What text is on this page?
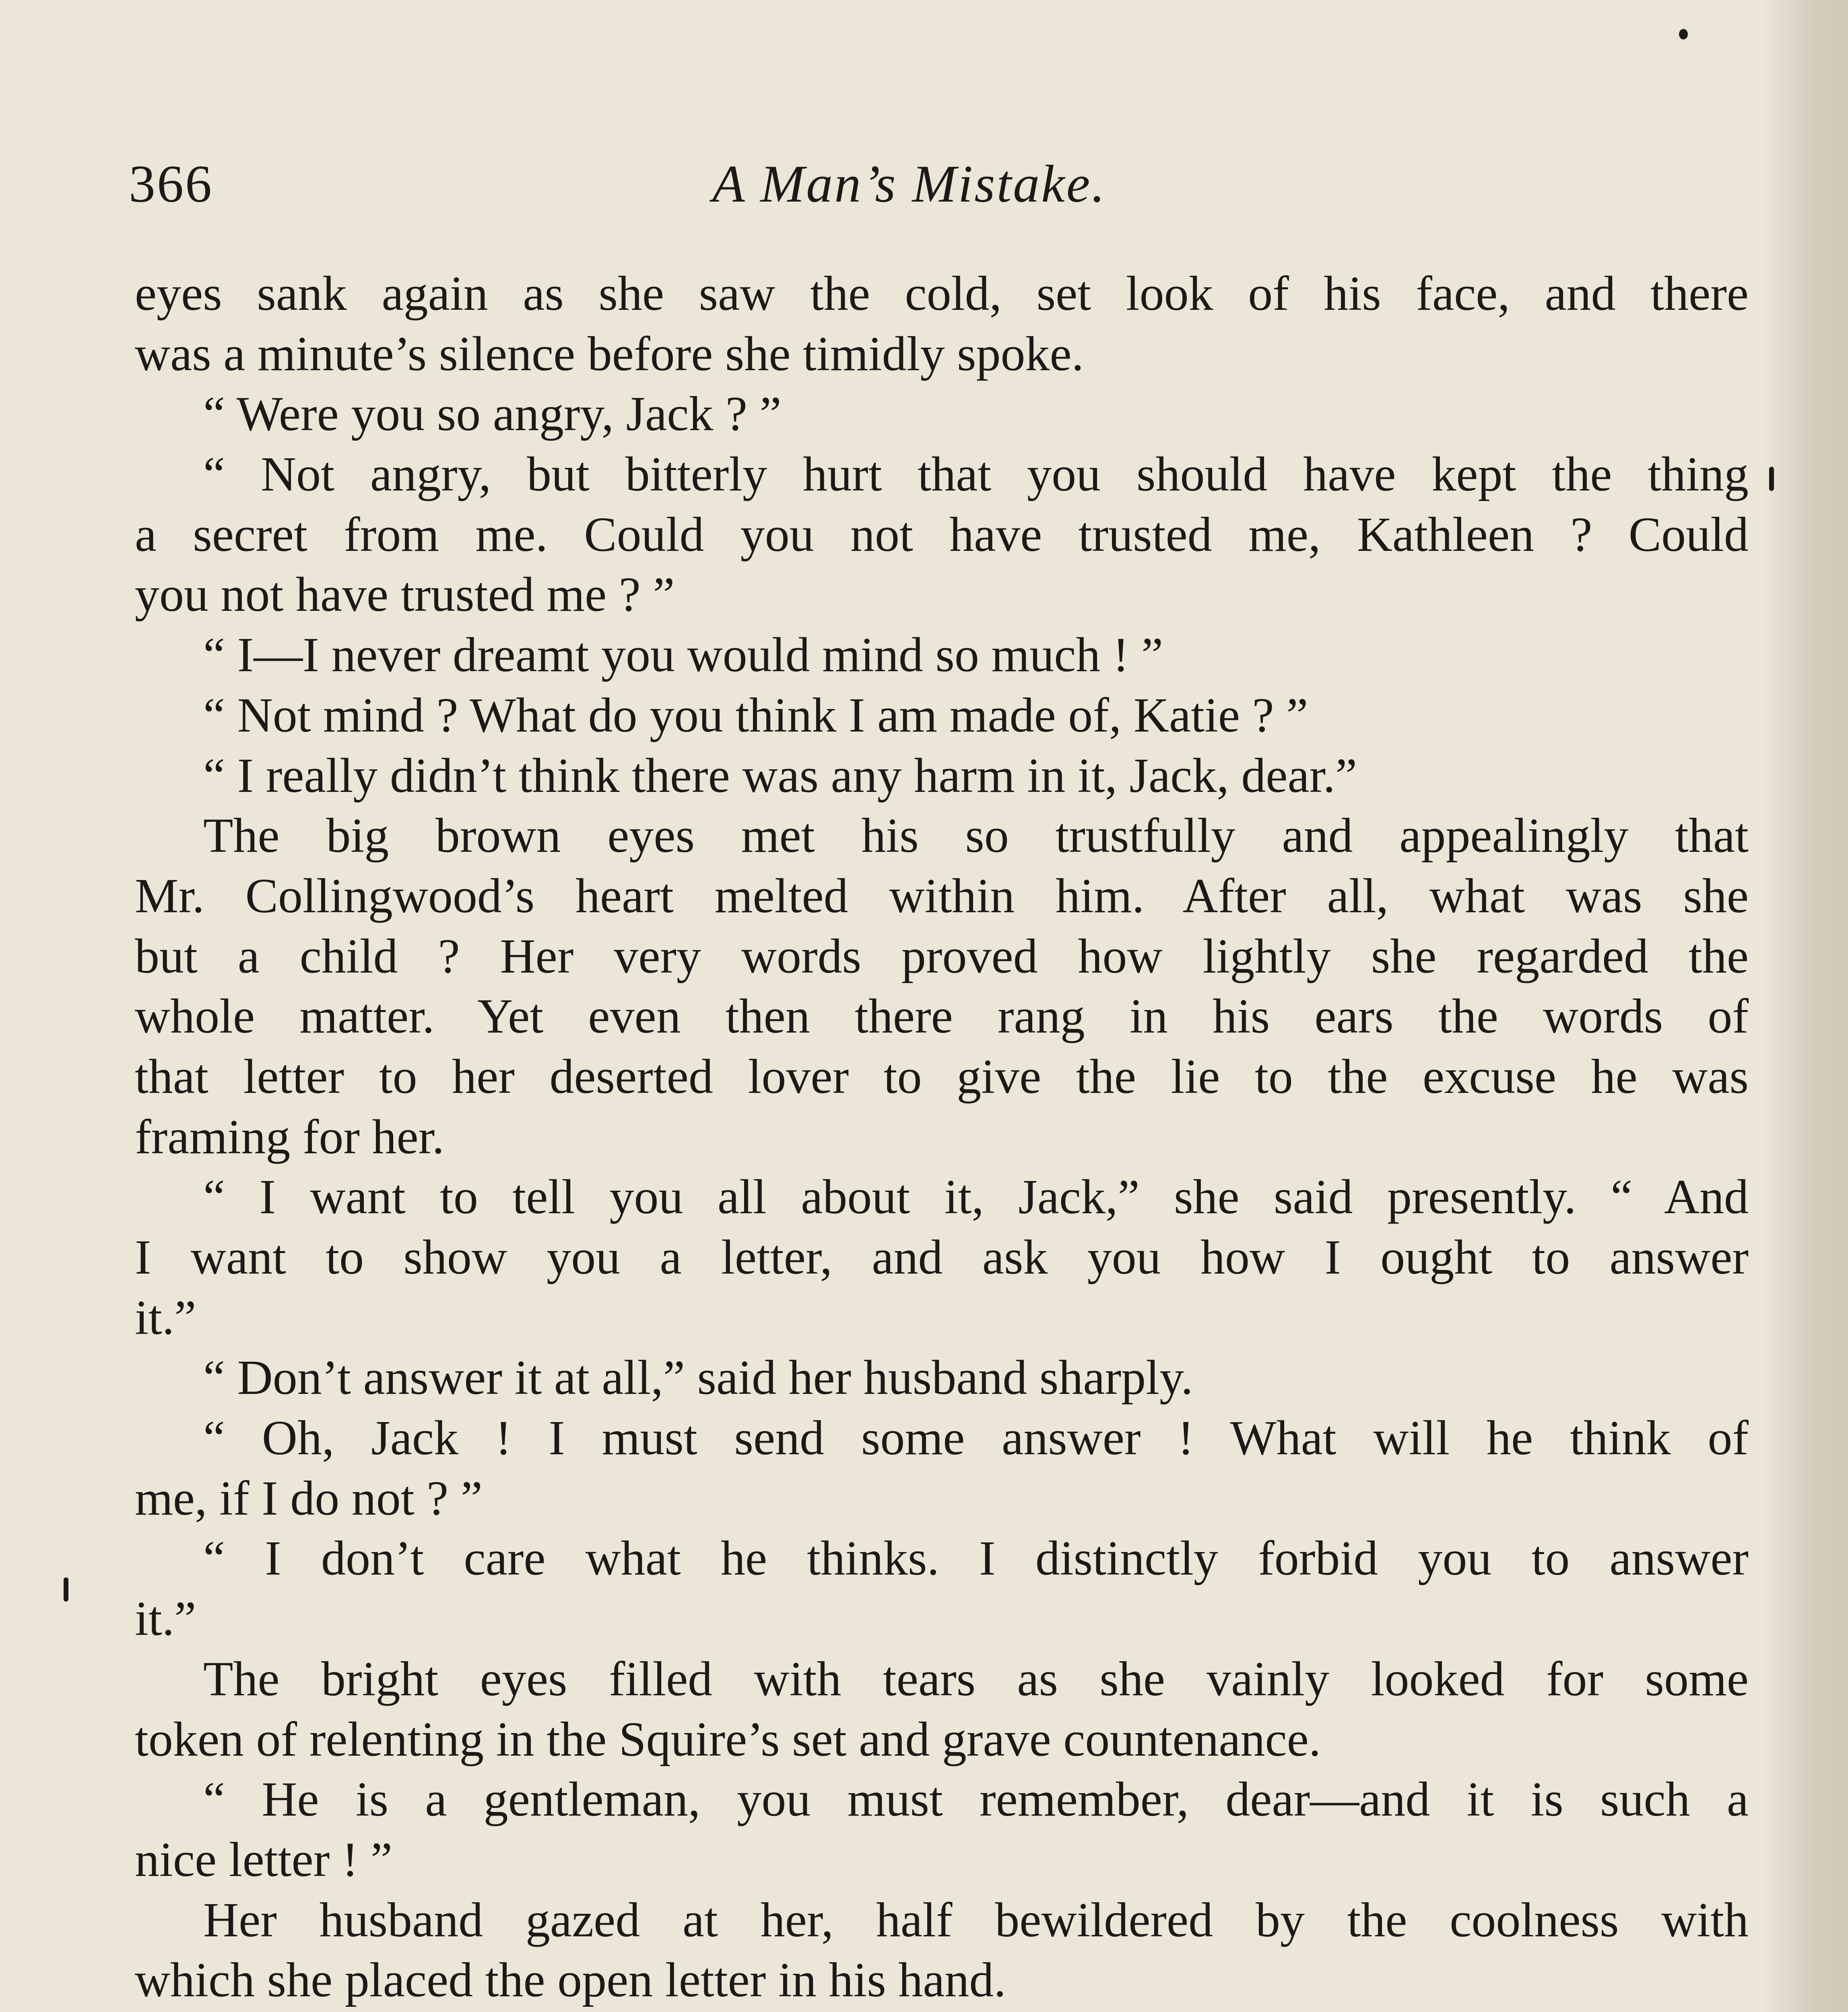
366	A Man’s Mistake.
eyes sank again as she saw the cold, set look of his face, and there
was a minute’s silence before she timidly spoke.
“ Were you so angry, Jack ? ”
“ Not angry, but bitterly hurt that you should have kept the thing
a secret from me. Could you not have trusted me, Kathleen ? Could
you not have trusted me ? ”
“ I—I never dreamt you would mind so much ! ”
“ Not mind ? What do you think I am made of, Katie ? ”
“ I really didn’t think there was any harm in it, Jack, dear.”
The big brown eyes met his so trustfully and appealingly that
Mr. Collingwood’s heart melted within him. After all, what was she
but a child ? Her very words proved how lightly she regarded the
whole matter. Yet even then there rang in his ears the words of
that letter to her deserted lover to give the lie to the excuse he was
framing for her.
“ I want to tell you all about it, Jack,” she said presently. “ And
I want to show you a letter, and ask you how I ought to answer
it.”
“ Don’t answer it at all,” said her husband sharply.
“ Oh, Jack ! I must send some answer ! What will he think of
me, if I do not ? ”
“ I don’t care what he thinks. I distinctly forbid you to answer
it.”
The bright eyes filled with tears as she vainly looked for some
token of relenting in the Squire’s set and grave countenance.
“ He is a gentleman, you must remember, dear—and it is such a
nice letter ! ”
Her husband gazed at her, half bewildered by the coolness with
which she placed the open letter in his hand.
